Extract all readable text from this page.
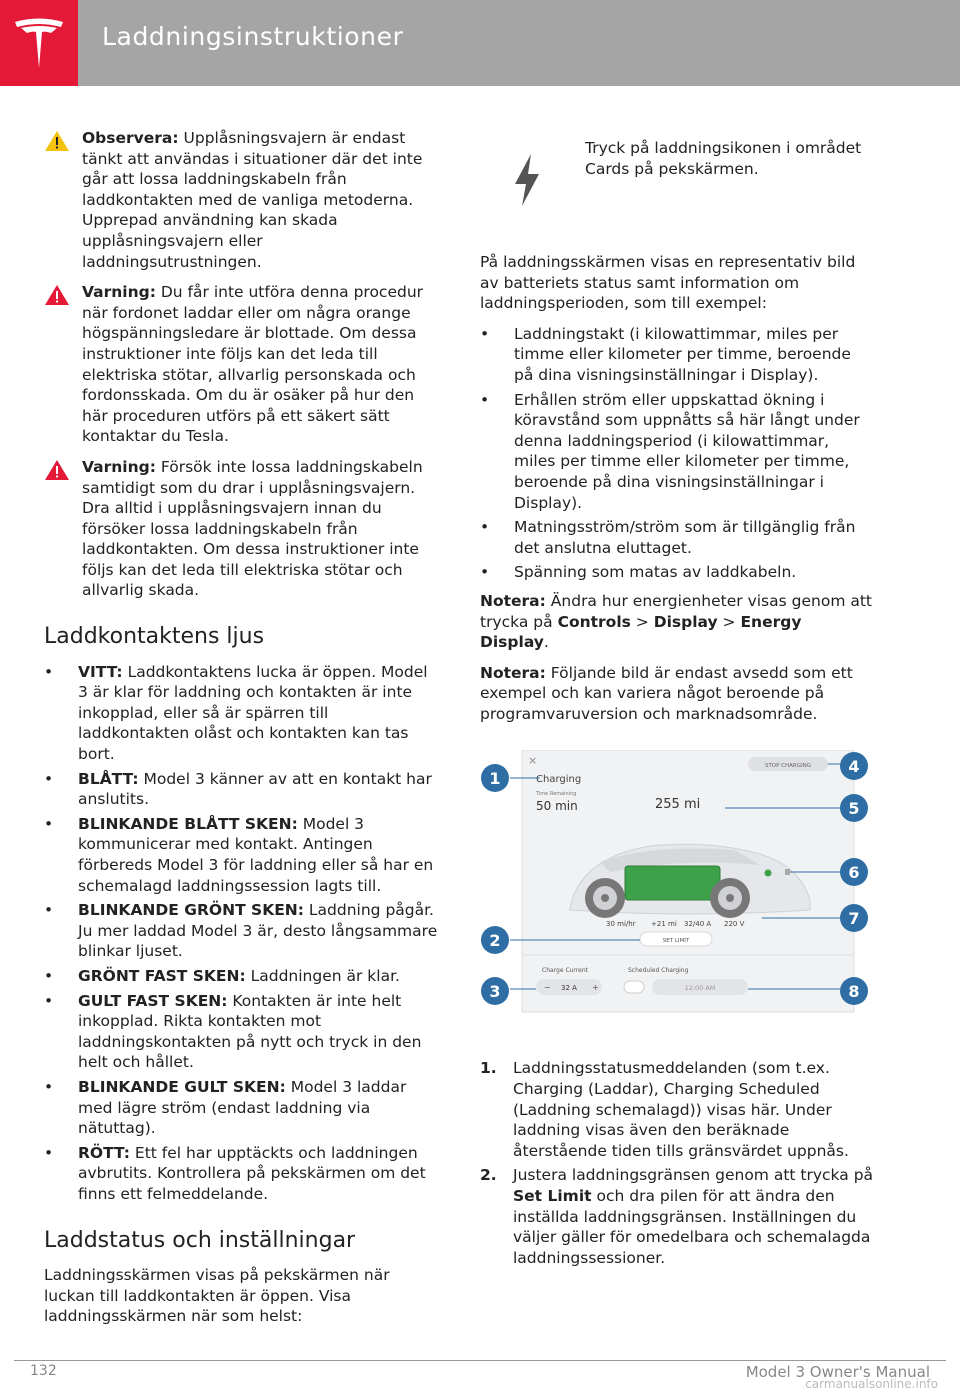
Laddningsinstruktioner
Observera: Upplåsningsvajern är endast tänkt att användas i situationer där det inte går att lossa laddningskabeln från laddkontakten med de vanliga metoderna. Upprepad användning kan skada upplåsningsvajern eller laddningsutrustningen.
Varning: Du får inte utföra denna procedur när fordonet laddar eller om några orange högspänningsledare är blottade. Om dessa instruktioner inte följs kan det leda till elektriska stötar, allvarlig personskada och fordonsskada. Om du är osäker på hur den här proceduren utförs på ett säkert sätt kontaktar du Tesla.
Varning: Försök inte lossa laddningskabeln samtidigt som du drar i upplåsningsvajern. Dra alltid i upplåsningsvajern innan du försöker lossa laddningskabeln från laddkontakten. Om dessa instruktioner inte följs kan det leda till elektriska stötar och allvarlig skada.
Laddkontaktens ljus
• VITT: Laddkontaktens lucka är öppen. Model 3 är klar för laddning och kontakten är inte inkopplad, eller så är spärren till laddkontakten olåst och kontakten kan tas bort.
• BLÅTT: Model 3 känner av att en kontakt har anslutits.
• BLINKANDE BLÅTT SKEN: Model 3 kommunicerar med kontakt. Antingen förbereds Model 3 för laddning eller så har en schemalagd laddningssession lagts till.
• BLINKANDE GRÖNT SKEN: Laddning pågår. Ju mer laddad Model 3 är, desto långsammare blinkar ljuset.
• GRÖNT FAST SKEN: Laddningen är klar.
• GULT FAST SKEN: Kontakten är inte helt inkopplad. Rikta kontakten mot laddningskontakten på nytt och tryck in den helt och hållet.
• BLINKANDE GULT SKEN: Model 3 laddar med lägre ström (endast laddning via nätuttag).
• RÖTT: Ett fel har upptäckts och laddningen avbrutits. Kontrollera på pekskärmen om det finns ett felmeddelande.
Laddstatus och inställningar

Laddningsskärmen visas på pekskärmen när luckan till laddkontakten är öppen. Visa laddningsskärmen när som helst:

Tryck på laddningsikonen i området Cards på pekskärmen.

På laddningsskärmen visas en representativ bild av batteriets status samt information om laddningsperioden, som till exempel:

• Laddningstakt (i kilowattimmar, miles per timme eller kilometer per timme, beroende på dina visningsinställningar i Display).
• Erhållen ström eller uppskattad ökning i köravstånd som uppnåtts så här långt under denna laddningsperiod (i kilowattimmar, miles per timme eller kilometer per timme, beroende på dina visningsinställningar i Display).
• Matningsström/ström som är tillgänglig från det anslutna eluttaget.
• Spänning som matas av laddkabeln.

Notera: Ändra hur energienheter visas genom att trycka på Controls > Display > Energy Display.

Notera: Följande bild är endast avsedd som ett exempel och kan variera något beroende på programvaruversion och marknadsområde.

×
Charging
Time Remaining
50 min	255 mi
STOP CHARGING
30 mi/hr +21 mi 32/40 A 220 V
SET LIMIT
Charge Current	Scheduled Charging
− 32 A +	12:00 AM
1
2
3
4
5
6
7
8
1. Laddningsstatusmeddelanden (som t.ex. Charging (Laddar), Charging Scheduled (Laddning schemalagd)) visas här. Under laddning visas även den beräknade återstående tiden tills gränsvärdet uppnås.
2. Justera laddningsgränsen genom att trycka på Set Limit och dra pilen för att ändra den inställda laddningsgränsen. Inställningen du väljer gäller för omedelbara och schemalagda laddningssessioner.
132	Model 3 Owner's Manual
carmanualsonline.info
